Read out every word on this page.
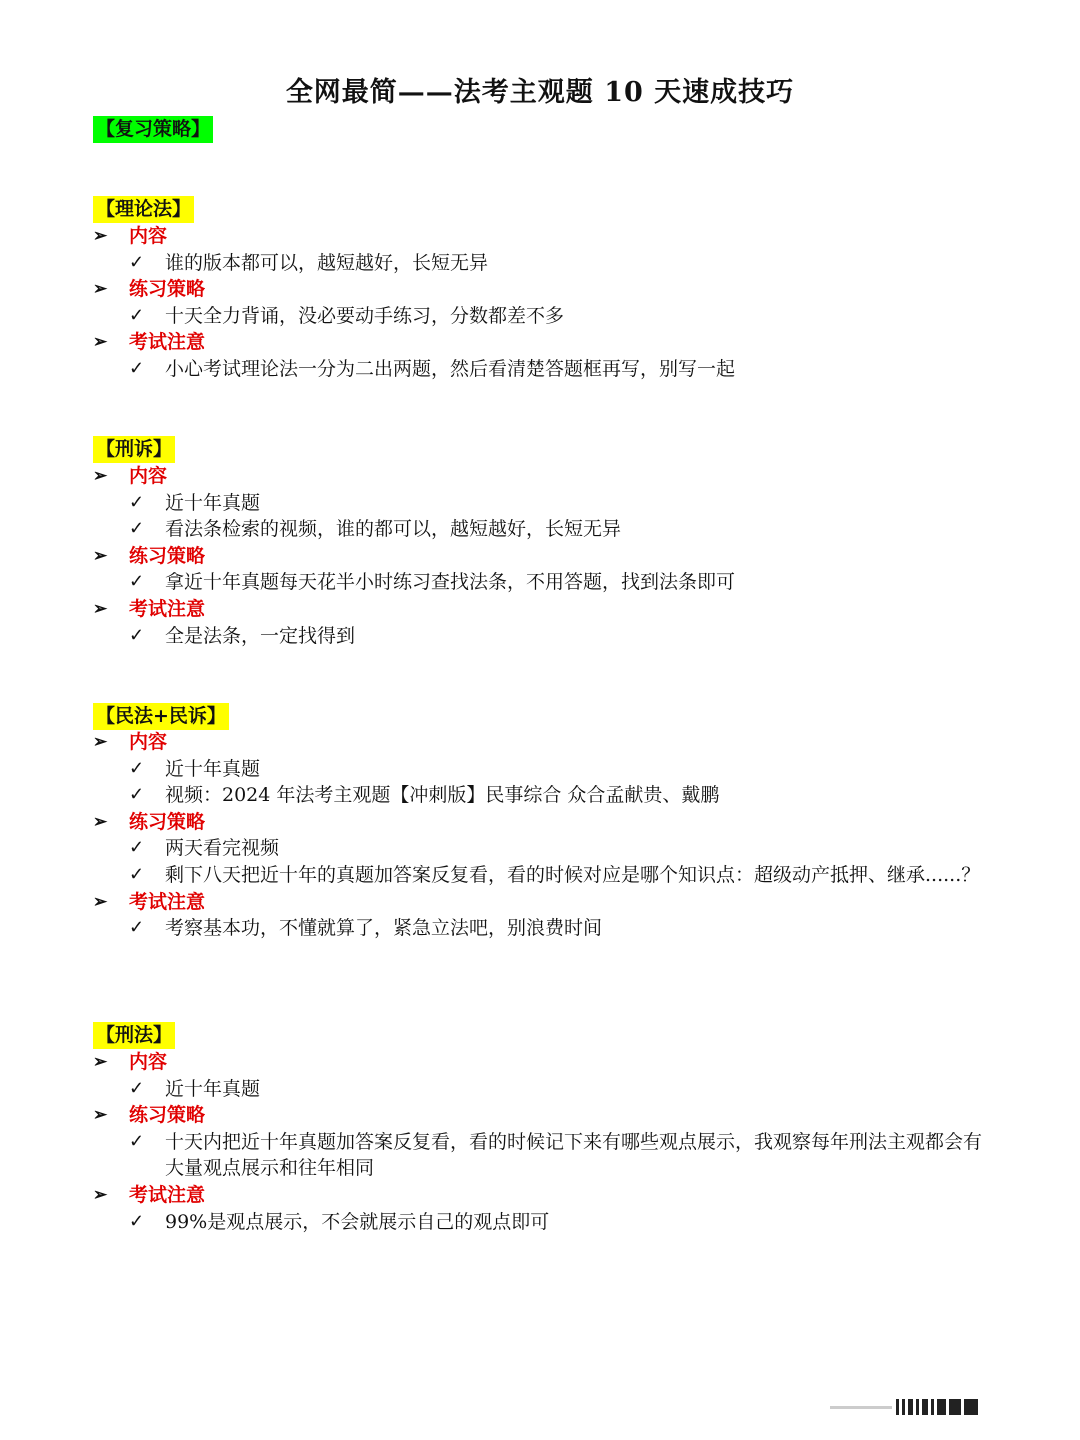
全网最简——法考主观题 10 天速成技巧
【复习策略】
【理论法】
➢ 内容
✓ 谁的版本都可以，越短越好，长短无异
➢ 练习策略
✓ 十天全力背诵，没必要动手练习，分数都差不多
➢ 考试注意
✓ 小心考试理论法一分为二出两题，然后看清楚答题框再写，别写一起
【刑诉】
➢ 内容
✓ 近十年真题
✓ 看法条检索的视频，谁的都可以，越短越好，长短无异
➢ 练习策略
✓ 拿近十年真题每天花半小时练习查找法条，不用答题，找到法条即可
➢ 考试注意
✓ 全是法条，一定找得到
【民法+民诉】
➢ 内容
✓ 近十年真题
✓ 视频：2024 年法考主观题【冲刺版】民事综合 众合孟献贵、戴鹏
➢ 练习策略
✓ 两天看完视频
✓ 剩下八天把近十年的真题加答案反复看，看的时候对应是哪个知识点：超级动产抵押、继承......？
➢ 考试注意
✓ 考察基本功，不懂就算了，紧急立法吧，别浪费时间
【刑法】
➢ 内容
✓ 近十年真题
➢ 练习策略
✓ 十天内把近十年真题加答案反复看，看的时候记下来有哪些观点展示，我观察每年刑法主观都会有大量观点展示和往年相同
➢ 考试注意
✓ 99%是观点展示，不会就展示自己的观点即可
